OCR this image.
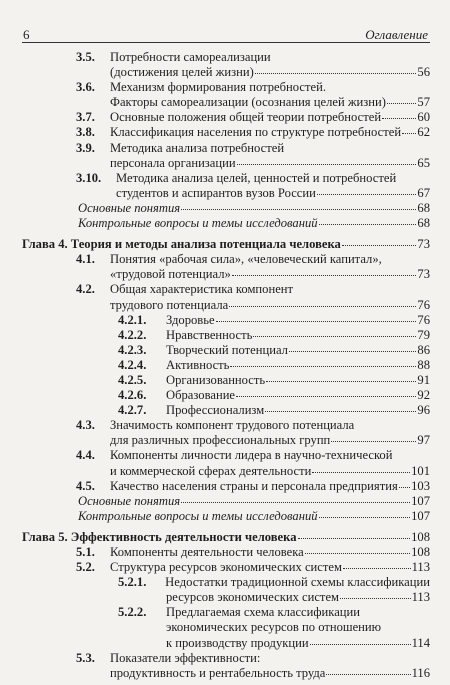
6	Оглавление
3.5.	Потребности самореализации
(достижения целей жизни)	56
3.6.	Механизм формирования потребностей.
Факторы самореализации (осознания целей жизни) 57
3.7.	Основные положения общей теории потребностей	60
3.8.	Классификация населения по структуре потребностей 62
3.9.	Методика анализа потребностей
персонала организации	65
3.10.	Методика анализа целей, ценностей и потребностей
студентов и аспирантов вузов России	67
Основные понятия	68
Контрольные вопросы и темы исследований	68
Глава 4. Теория и методы анализа потенциала человека	73
4.1.	Понятия «рабочая сила», «человеческий капитал»,
«трудовой потенциал»	73
4.2.	Общая характеристика компонент
трудового потенциала	76
4.2.1.	Здоровье	76
4.2.2.	Нравственность	79
4.2.3.	Творческий потенциал	86
4.2.4.	Активность	88
4.2.5.	Организованность	91
4.2.6.	Образование	92
4.2.7.	Профессионализм	96
4.3.	Значимость компонент трудового потенциала
для различных профессиональных групп	97
4.4.	Компоненты личности лидера в научно-технической
и коммерческой сферах деятельности	101
4.5.	Качество населения страны и персонала предприятия 103
Основные понятия	107
Контрольные вопросы и темы исследований	107
Глава 5. Эффективность деятельности человека	108
5.1.	Компоненты деятельности человека	108
5.2.	Структура ресурсов экономических систем	113
5.2.1.	Недостатки традиционной схемы классификации
ресурсов экономических систем	113
5.2.2.	Предлагаемая схема классификации
экономических ресурсов по отношению
к производству продукции	114
5.3.	Показатели эффективности:
продуктивность и рентабельность труда	116
